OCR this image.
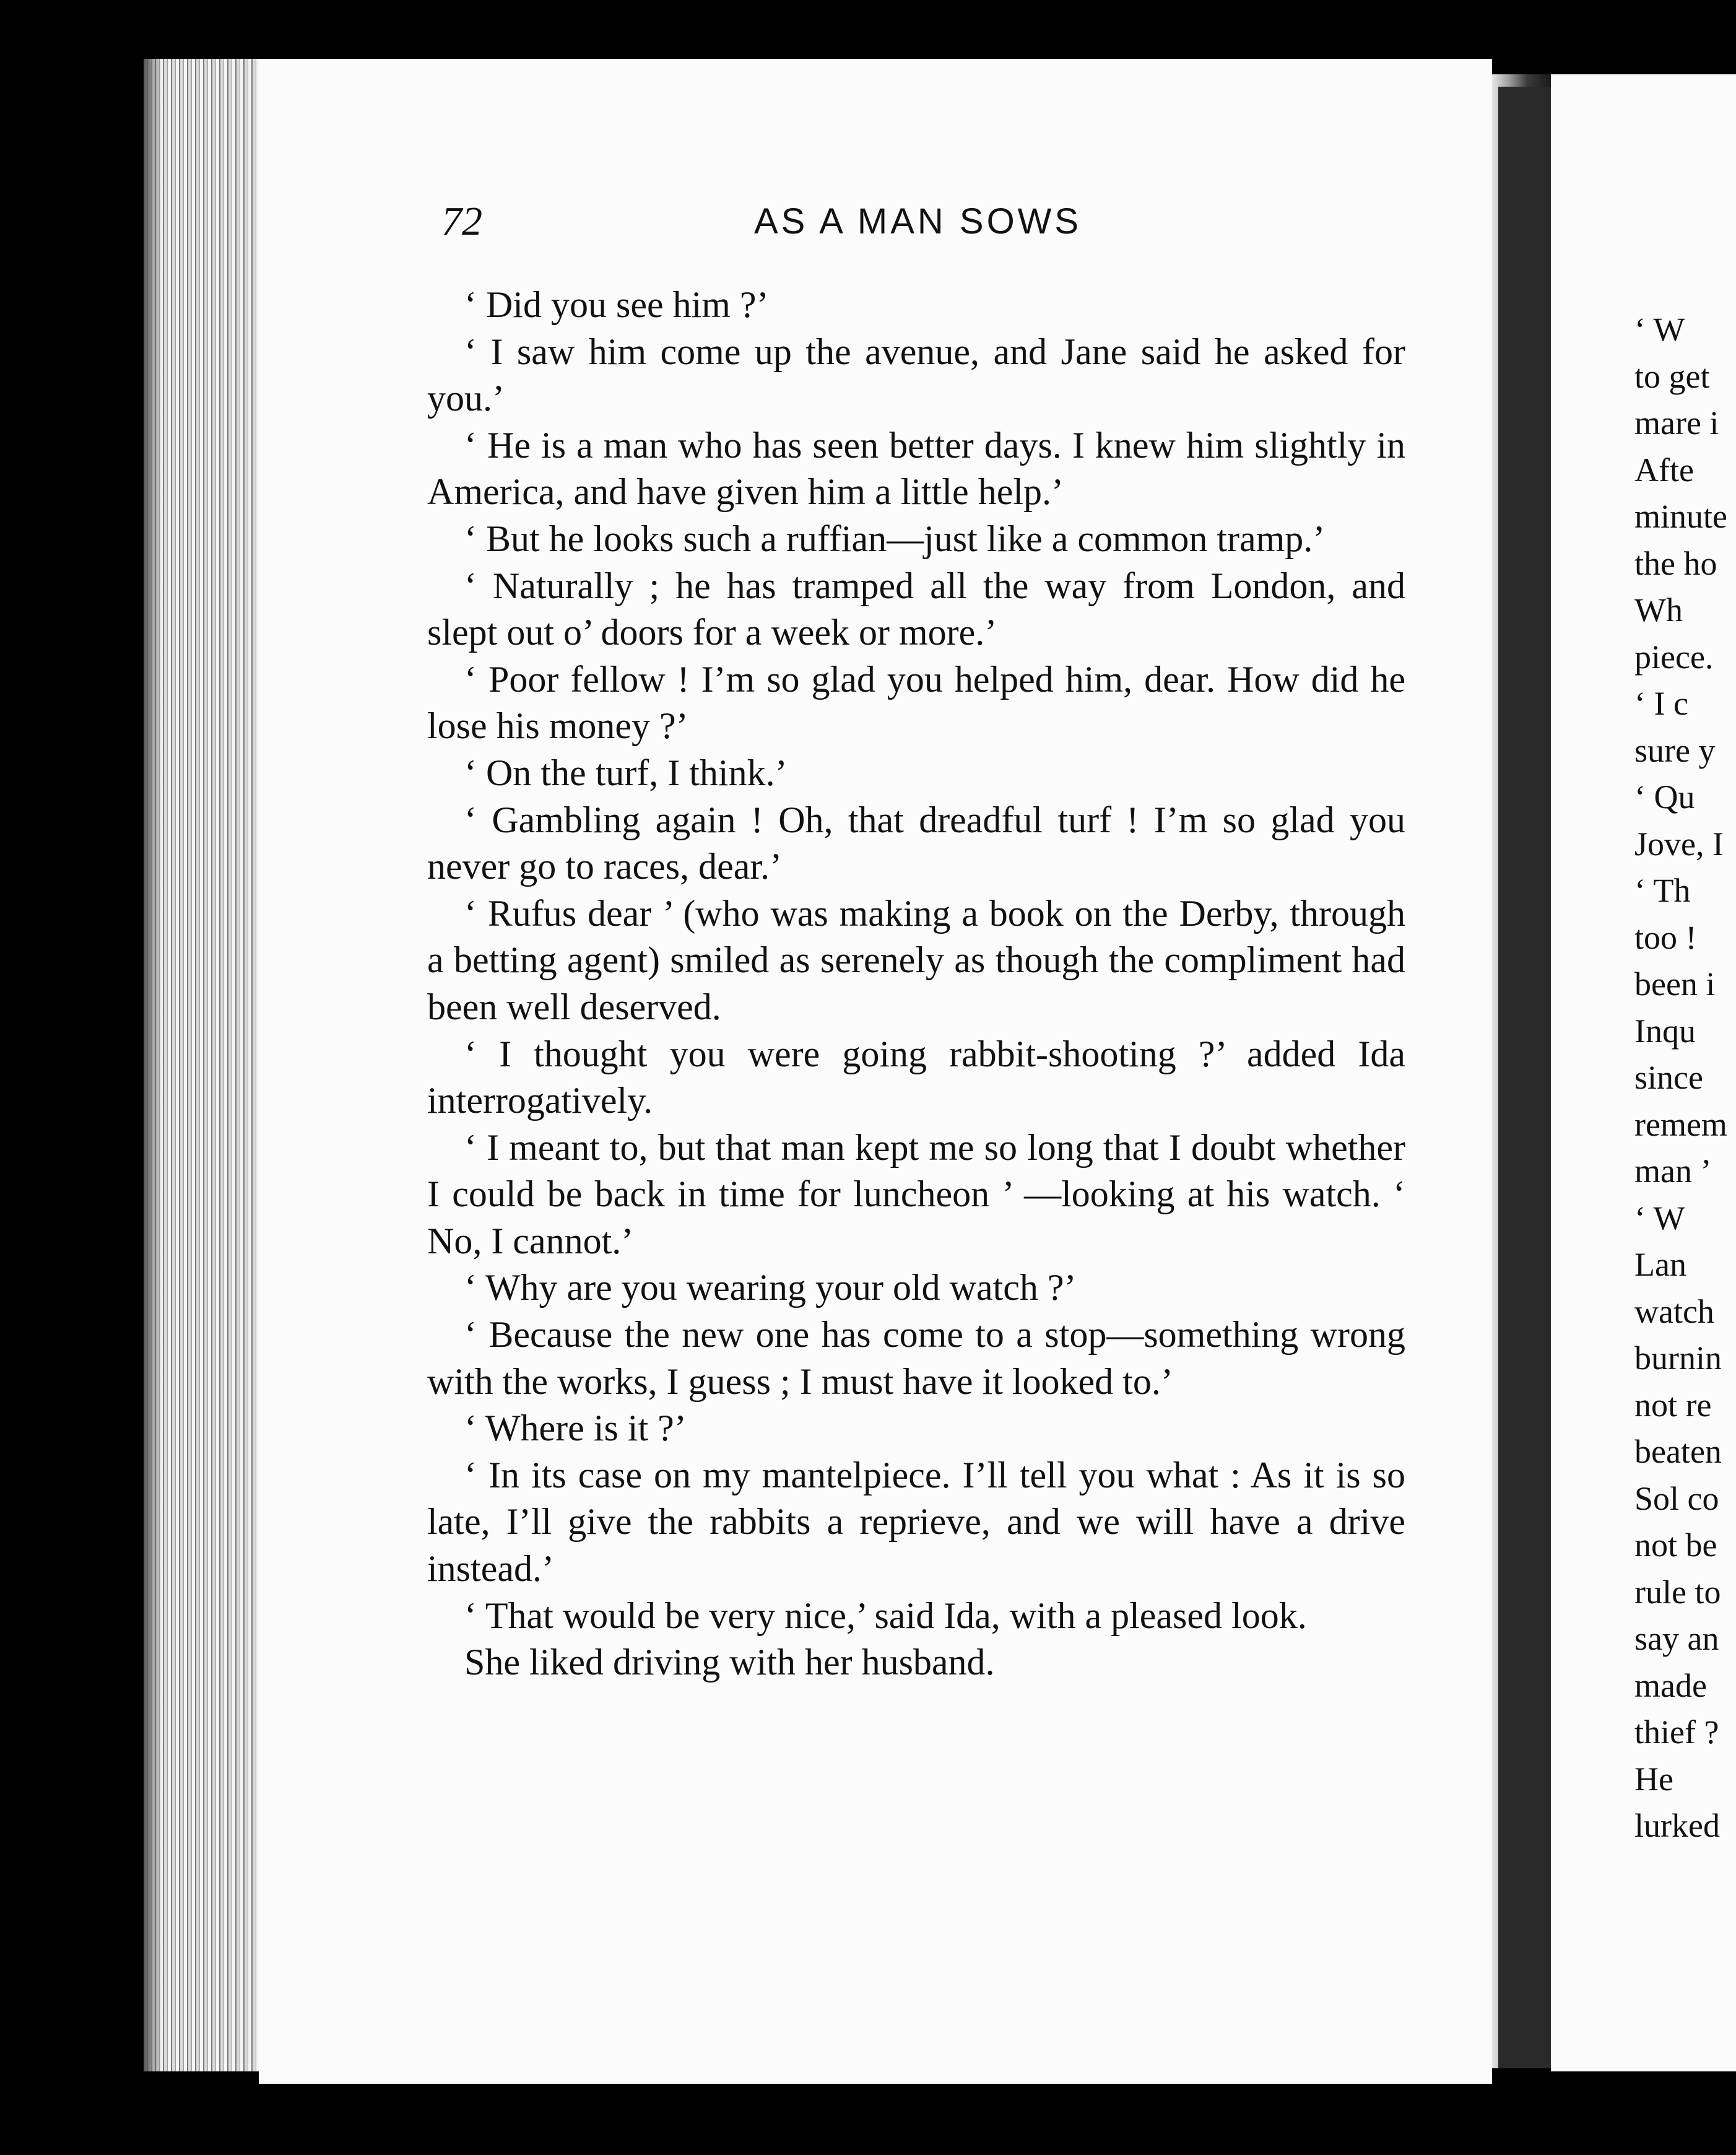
72	AS A MAN SOWS

‘ Did you see him ?’

‘ I saw him come up the avenue, and Jane said he asked for you.’

‘ He is a man who has seen better days. I knew him slightly in America, and have given him a little help.’

‘ But he looks such a ruffian—just like a common tramp.’

‘ Naturally ; he has tramped all the way from London, and slept out o’ doors for a week or more.’

‘ Poor fellow ! I’m so glad you helped him, dear. How did he lose his money ?’

‘ On the turf, I think.’

‘ Gambling again ! Oh, that dreadful turf ! I’m so glad you never go to races, dear.’

‘ Rufus dear ’ (who was making a book on the Derby, through a betting agent) smiled as serenely as though the compliment had been well deserved.

‘ I thought you were going rabbit-shooting ?’ added Ida interrogatively.

‘ I meant to, but that man kept me so long that I doubt whether I could be back in time for luncheon ’ —looking at his watch. ‘ No, I cannot.’

‘ Why are you wearing your old watch ?’

‘ Because the new one has come to a stop—something wrong with the works, I guess ; I must have it looked to.’

‘ Where is it ?’

‘ In its case on my mantelpiece. I’ll tell you what : As it is so late, I’ll give the rabbits a reprieve, and we will have a drive instead.’

‘ That would be very nice,’ said Ida, with a pleased look.

She liked driving with her husband.

‘ W
to get
mare i
Afte
minute
the ho
Wh
piece.
‘ I c
sure y
‘ Qu
Jove, I
‘ Th
too !
been i
Inqu
since
remem
man ’
‘ W
Lan
watch
burnin
not re
beaten
Sol co
not be
rule to
say an
made
thief ?
He
lurked
